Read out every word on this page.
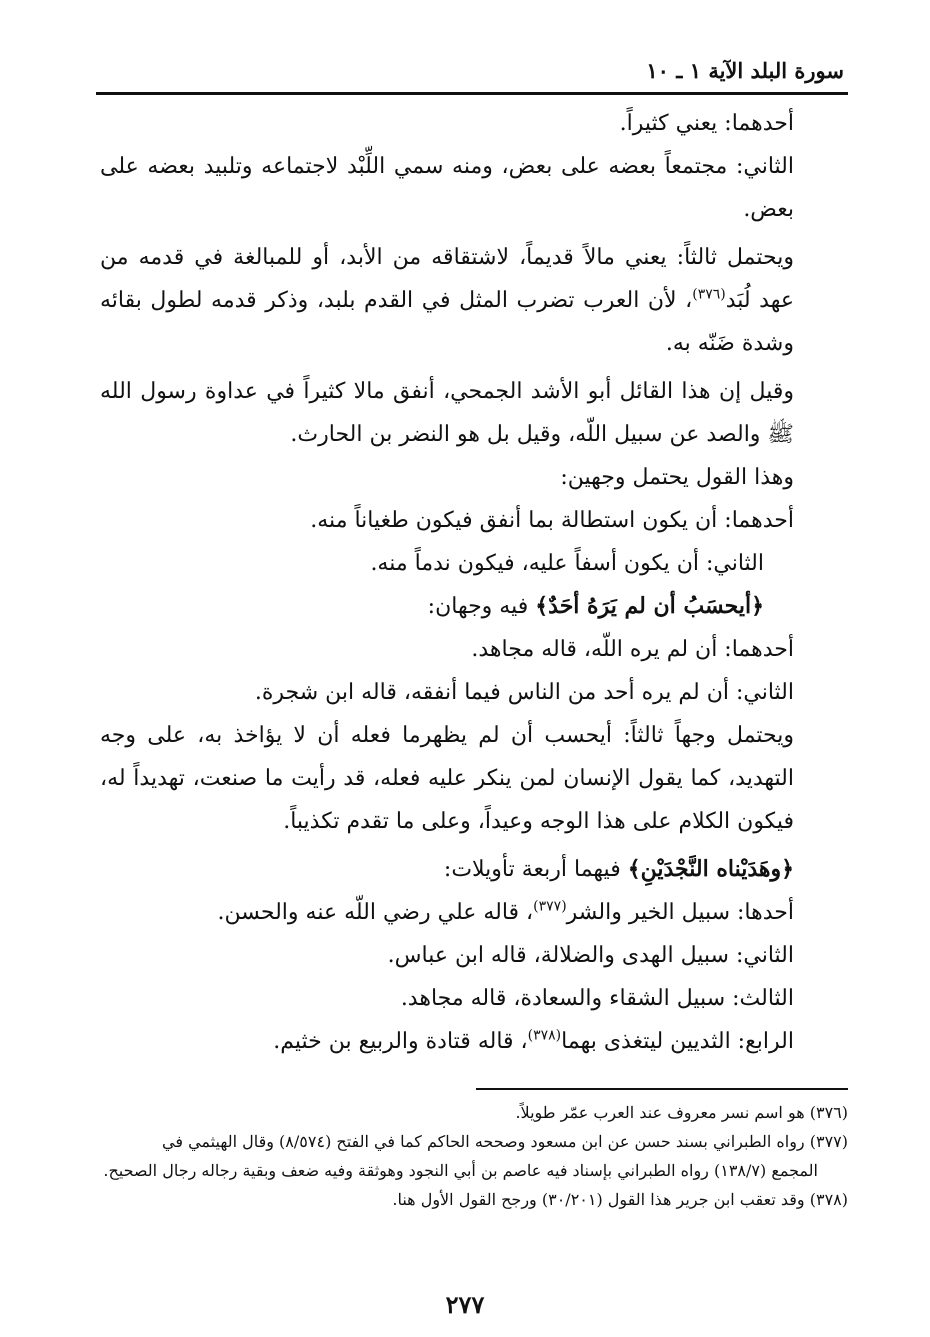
سورة البلد الآية ١ ـ ١٠

أحدهما: يعني كثيراً.

الثاني: مجتمعاً بعضه على بعض، ومنه سمي اللِّبْد لاجتماعه وتلبيد بعضه على بعض.

ويحتمل ثالثاً: يعني مالاً قديماً، لاشتقاقه من الأبد، أو للمبالغة في قدمه من عهد لُبَد$^{(٣٧٦)}$، لأن العرب تضرب المثل في القدم بلبد، وذكر قدمه لطول بقائه وشدة ضَنّه به.

وقيل إن هذا القائل أبو الأشد الجمحي، أنفق مالا كثيراً في عداوة رسول الله ﷺ والصد عن سبيل اللّه، وقيل بل هو النضر بن الحارث.

وهذا القول يحتمل وجهين:

أحدهما: أن يكون استطالة بما أنفق فيكون طغياناً منه.

الثاني: أن يكون أسفاً عليه، فيكون ندماً منه.

﴿أيحسَبُ أن لم يَرَهُ أحَدٌ﴾ فيه وجهان:

أحدهما: أن لم يره اللّه، قاله مجاهد.

الثاني: أن لم يره أحد من الناس فيما أنفقه، قاله ابن شجرة.

ويحتمل وجهاً ثالثاً: أيحسب أن لم يظهرما فعله أن لا يؤاخذ به، على وجه التهديد، كما يقول الإنسان لمن ينكر عليه فعله، قد رأيت ما صنعت، تهديداً له، فيكون الكلام على هذا الوجه وعيداً، وعلى ما تقدم تكذيباً.

﴿وهَدَيْناه النَّجْدَيْنِ﴾ فيهما أربعة تأويلات:

أحدها: سبيل الخير والشر$^{(٣٧٧)}$، قاله علي رضي اللّه عنه والحسن.

الثاني: سبيل الهدى والضلالة، قاله ابن عباس.

الثالث: سبيل الشقاء والسعادة، قاله مجاهد.

الرابع: الثديين ليتغذى بهما$^{(٣٧٨)}$، قاله قتادة والربيع بن خثيم.

(٣٧٦) هو اسم نسر معروف عند العرب عمّر طويلاً.

(٣٧٧) رواه الطبراني بسند حسن عن ابن مسعود وصححه الحاكم كما في الفتح (٨/٥٧٤) وقال الهيثمي في

المجمع (١٣٨/٧) رواه الطبراني بإسناد فيه عاصم بن أبي النجود وهوثقة وفيه ضعف وبقية رجاله رجال الصحيح.

(٣٧٨) وقد تعقب ابن جرير هذا القول (٣٠/٢٠١) ورجح القول الأول هنا.

٢٧٧
